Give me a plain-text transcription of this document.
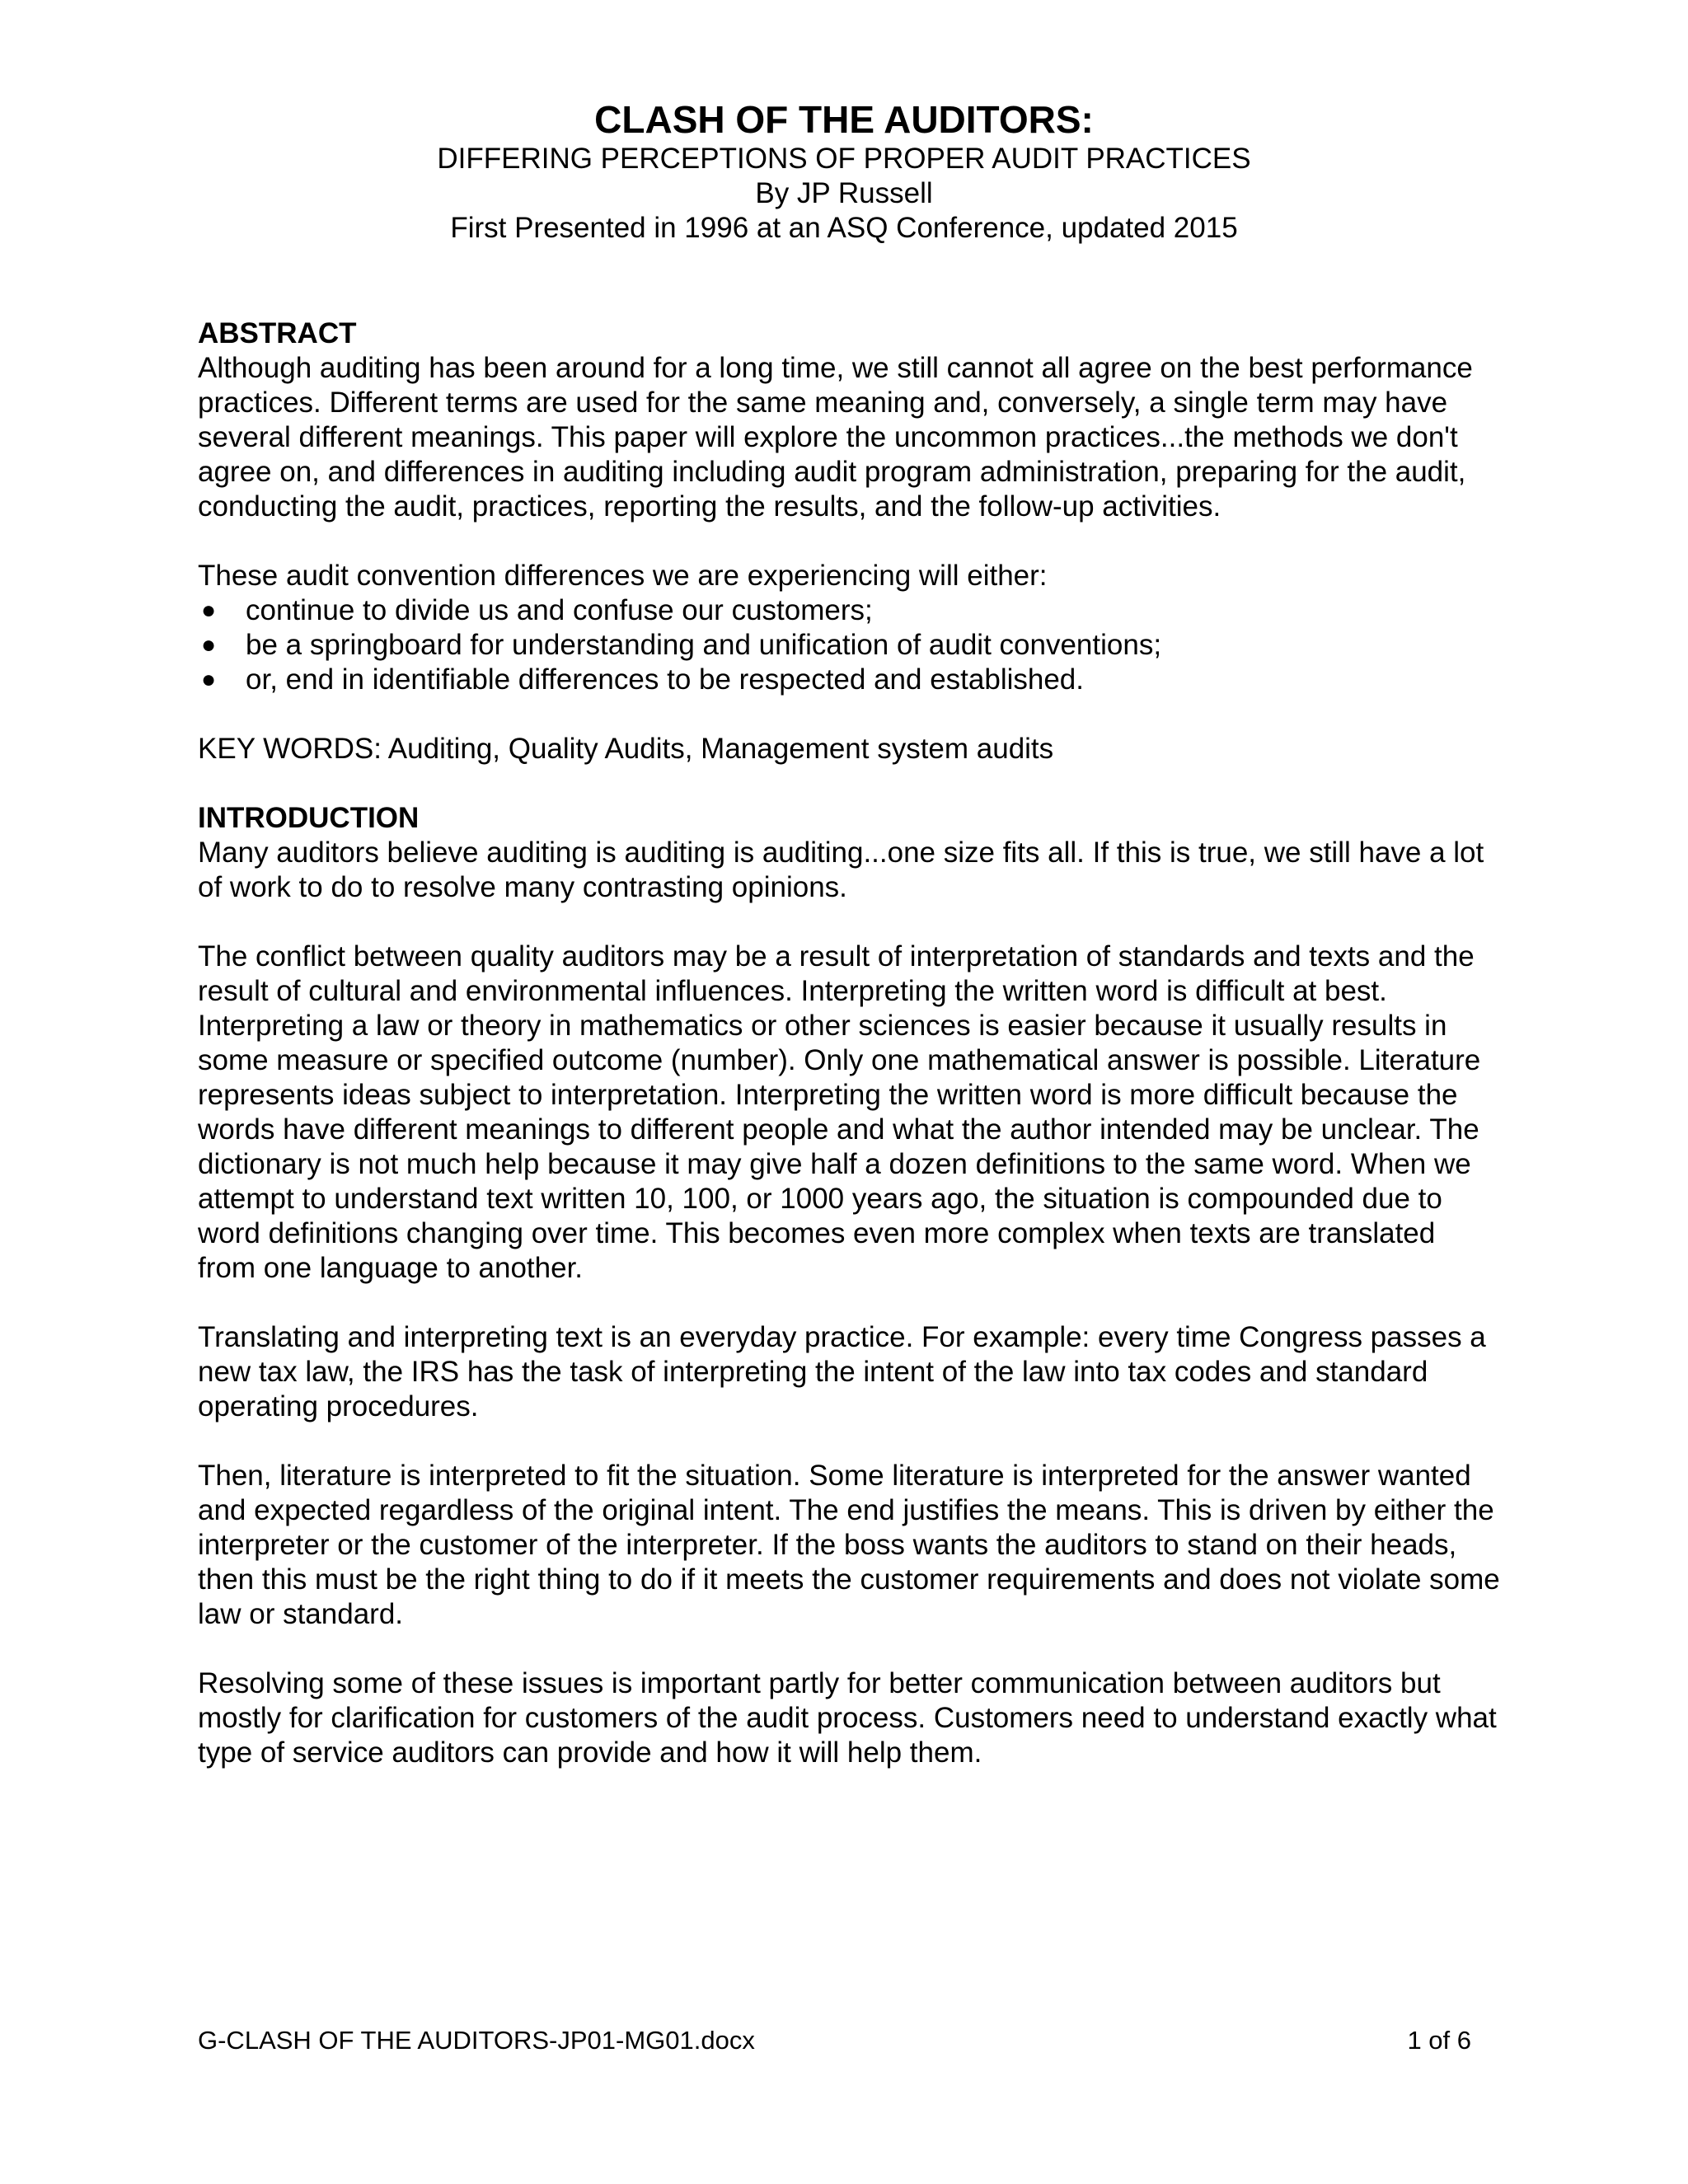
CLASH OF THE AUDITORS:

DIFFERING PERCEPTIONS OF PROPER AUDIT PRACTICES

By JP Russell

First Presented in 1996 at an ASQ Conference, updated 2015

ABSTRACT

Although auditing has been around for a long time, we still cannot all agree on the best performance practices. Different terms are used for the same meaning and, conversely, a single term may have several different meanings. This paper will explore the uncommon practices...the methods we don't agree on, and differences in auditing including audit program administration, preparing for the audit, conducting the audit, practices, reporting the results, and the follow-up activities.

These audit convention differences we are experiencing will either:

● continue to divide us and confuse our customers;
● be a springboard for understanding and unification of audit conventions;
● or, end in identifiable differences to be respected and established.

KEY WORDS: Auditing, Quality Audits, Management system audits

INTRODUCTION

Many auditors believe auditing is auditing is auditing...one size fits all. If this is true, we still have a lot of work to do to resolve many contrasting opinions.

The conflict between quality auditors may be a result of interpretation of standards and texts and the result of cultural and environmental influences. Interpreting the written word is difficult at best. Interpreting a law or theory in mathematics or other sciences is easier because it usually results in some measure or specified outcome (number). Only one mathematical answer is possible. Literature represents ideas subject to interpretation. Interpreting the written word is more difficult because the words have different meanings to different people and what the author intended may be unclear. The dictionary is not much help because it may give half a dozen definitions to the same word. When we attempt to understand text written 10, 100, or 1000 years ago, the situation is compounded due to word definitions changing over time. This becomes even more complex when texts are translated from one language to another.

Translating and interpreting text is an everyday practice. For example: every time Congress passes a new tax law, the IRS has the task of interpreting the intent of the law into tax codes and standard operating procedures.

Then, literature is interpreted to fit the situation. Some literature is interpreted for the answer wanted and expected regardless of the original intent. The end justifies the means. This is driven by either the interpreter or the customer of the interpreter. If the boss wants the auditors to stand on their heads, then this must be the right thing to do if it meets the customer requirements and does not violate some law or standard.

Resolving some of these issues is important partly for better communication between auditors but mostly for clarification for customers of the audit process. Customers need to understand exactly what type of service auditors can provide and how it will help them.

G-CLASH OF THE AUDITORS-JP01-MG01.docx	1 of 6
